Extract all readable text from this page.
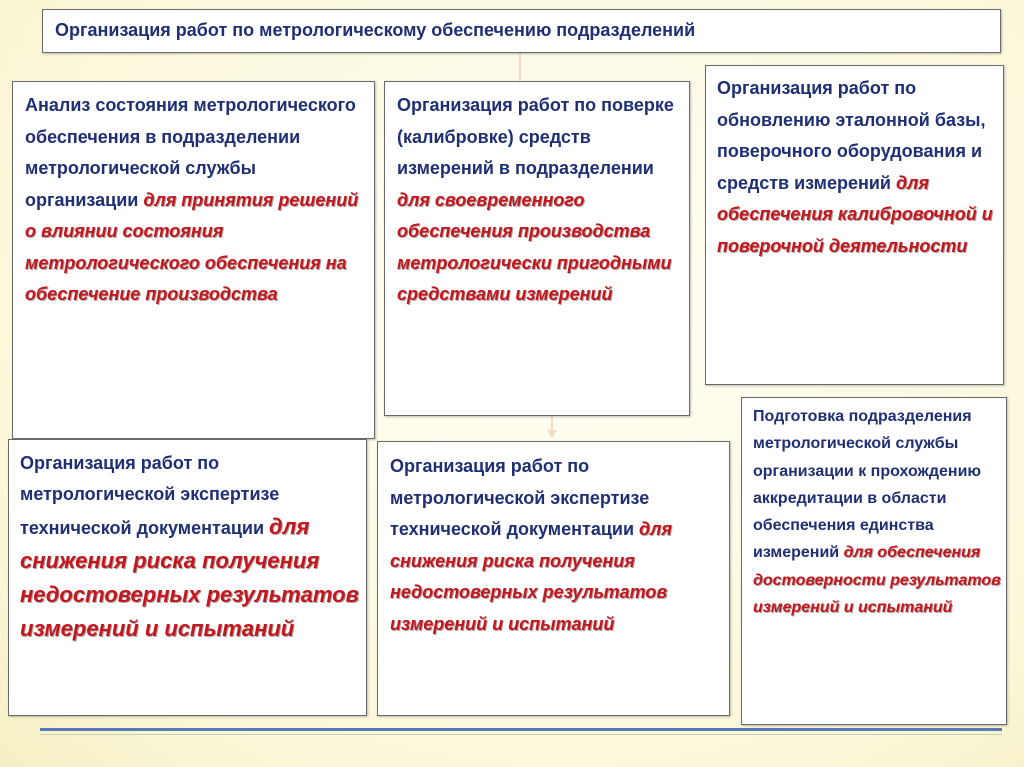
Организация работ по метрологическому обеспечению подразделений

Анализ состояния метрологического обеспечения в подразделении метрологической службы организации для принятия решений о влиянии состояния метрологического обеспечения на обеспечение производства

Организация работ по поверке (калибровке) средств измерений в подразделении для своевременного обеспечения производства метрологически пригодными средствами измерений

Организация работ по обновлению эталонной базы, поверочного оборудования и средств измерений для обеспечения калибровочной и поверочной деятельности

Организация работ по метрологической экспертизе технической документации для снижения риска получения недостоверных результатов измерений и испытаний

Организация работ по метрологической экспертизе технической документации для снижения риска получения недостоверных результатов измерений и испытаний

Подготовка подразделения метрологической службы организации к прохождению аккредитации в области обеспечения единства измерений для обеспечения достоверности результатов измерений и испытаний
